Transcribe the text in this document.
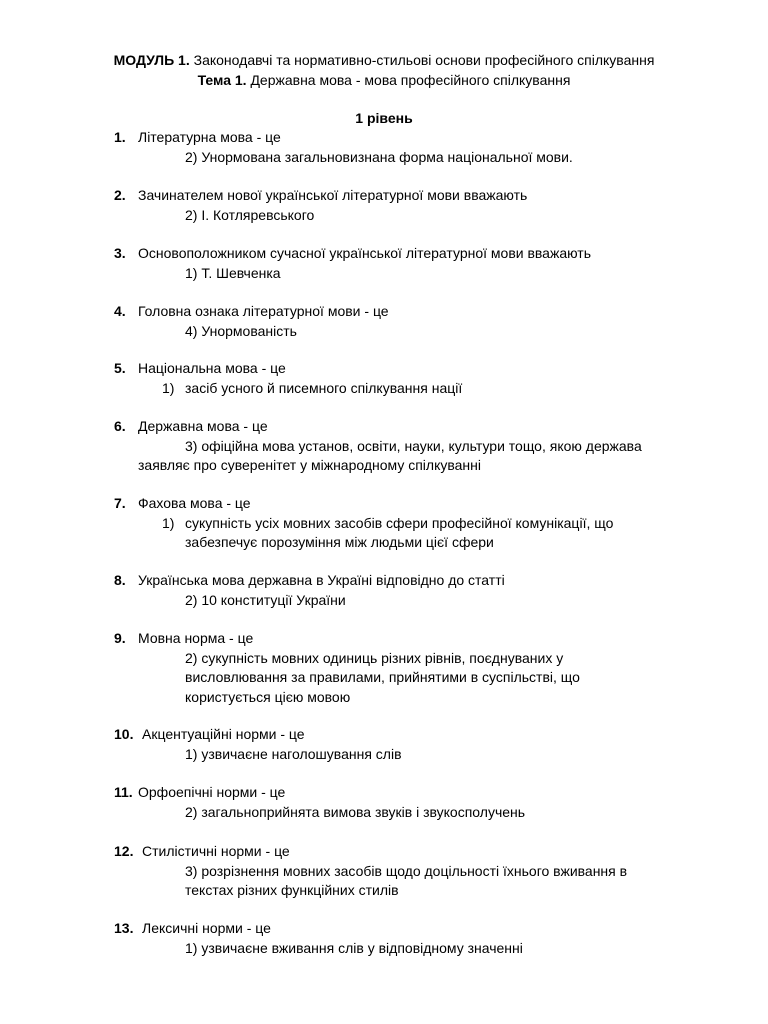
МОДУЛЬ 1. Законодавчі та нормативно-стильові основи професійного спілкування
Тема 1. Державна мова - мова професійного спілкування
1 рівень
1. Літературна мова - це
2) Унормована загальновизнана форма національної мови.
2. Зачинателем нової української літературної мови вважають
2) І. Котляревського
3. Основоположником сучасної української літературної мови вважають
1) Т. Шевченка
4. Головна ознака літературної мови - це
4) Унормованість
5. Національна мова - це
1) засіб усного й писемного спілкування нації
6. Державна мова - це
3) офіційна мова установ, освіти, науки, культури тощо, якою держава
заявляє про суверенітет у міжнародному спілкуванні
7. Фахова мова - це
1) сукупність усіх мовних засобів сфери професійної комунікації, що
забезпечує порозуміння між людьми цієї сфери
8. Українська мова державна в Україні відповідно до статті
2) 10 конституції України
9. Мовна норма - це
2) сукупність мовних одиниць різних рівнів, поєднуваних у
висловлювання за правилами, прийнятими в суспільстві, що
користується цією мовою
10. Акцентуаційні норми - це
1) узвичаєне наголошування слів
11. Орфоепічні норми - це
2) загальноприйнята вимова звуків і звукосполучень
12. Стилістичні норми - це
3) розрізнення мовних засобів щодо доцільності їхнього вживання в
текстах різних функційних стилів
13. Лексичні норми - це
1) узвичаєне вживання слів у відповідному значенні
